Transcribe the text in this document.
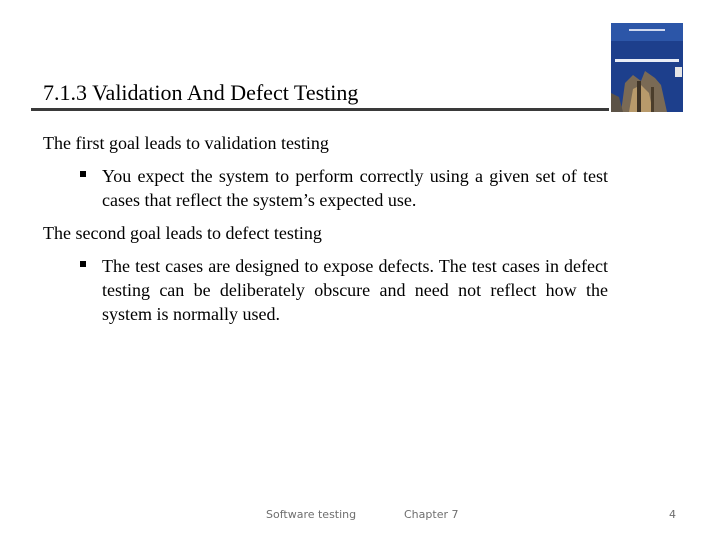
7.1.3 Validation And Defect Testing
The first goal leads to validation testing
You expect the system to perform correctly using a given set of test cases that reflect the system’s expected use.
The second goal leads to defect testing
The test cases are designed to expose defects. The test cases in defect testing can be deliberately obscure and need not reflect how the system is normally used.
Software testing	Chapter 7	4
